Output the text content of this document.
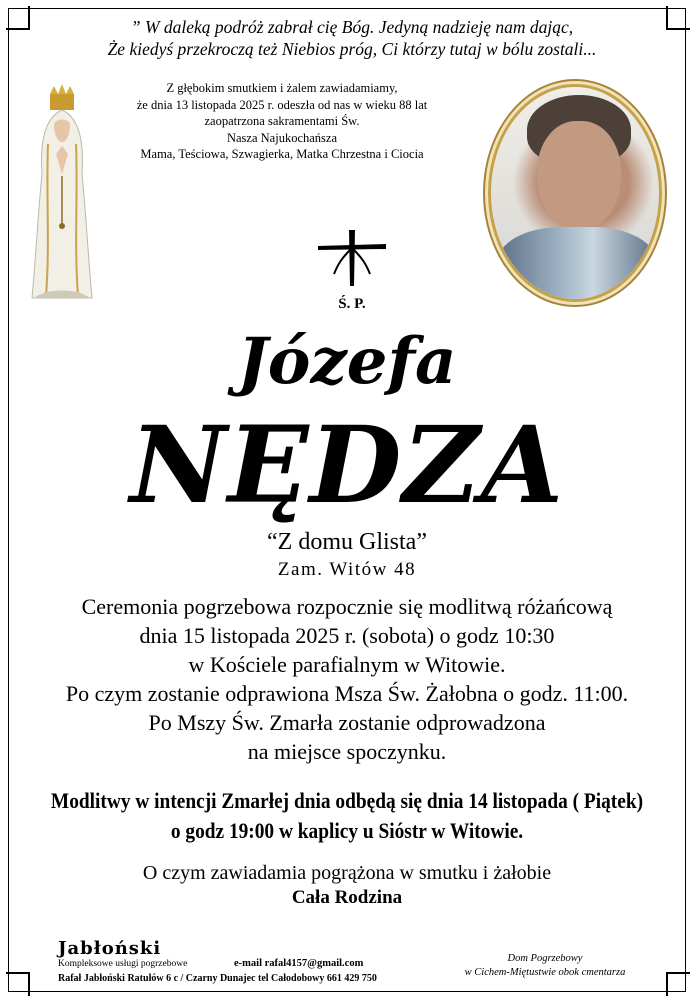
” W daleką podróż zabrał cię Bóg. Jedyną nadzieję nam dając,
Że kiedyś przekroczą też Niebios próg, Ci którzy tutaj w bólu zostali...
Z głębokim smutkiem i żalem zawiadamiamy,
że dnia 13 listopada 2025 r. odeszła od nas w wieku 88 lat
zaopatrzona sakramentami Św.
Nasza Najukochańsza
Mama, Teściowa, Szwagierka, Matka Chrzestna i Ciocia
Ś. P.
Józefa
NĘDZA
“Z domu Glista”
Zam. Witów 48
Ceremonia pogrzebowa rozpocznie się modlitwą różańcową
dnia 15 listopada 2025 r. (sobota) o godz 10:30
w Kościele parafialnym w Witowie.
Po czym zostanie odprawiona Msza Św. Żałobna o godz. 11:00.
Po Mszy Św. Zmarła zostanie odprowadzona
na miejsce spoczynku.
Modlitwy w intencji Zmarłej dnia odbędą się dnia 14 listopada ( Piątek)
o godz 19:00 w kaplicy u Sióstr w Witowie.
O czym zawiadamia pogrążona w smutku i żałobie
Cała Rodzina
Jabłoński
Kompleksowe usługi pogrzebowe	e-mail rafal4157@gmail.com
Rafał Jabłoński Ratułów 6 c / Czarny Dunajec tel Całodobowy 661 429 750
Dom Pogrzebowy
w Cichem-Miętustwie obok cmentarza
